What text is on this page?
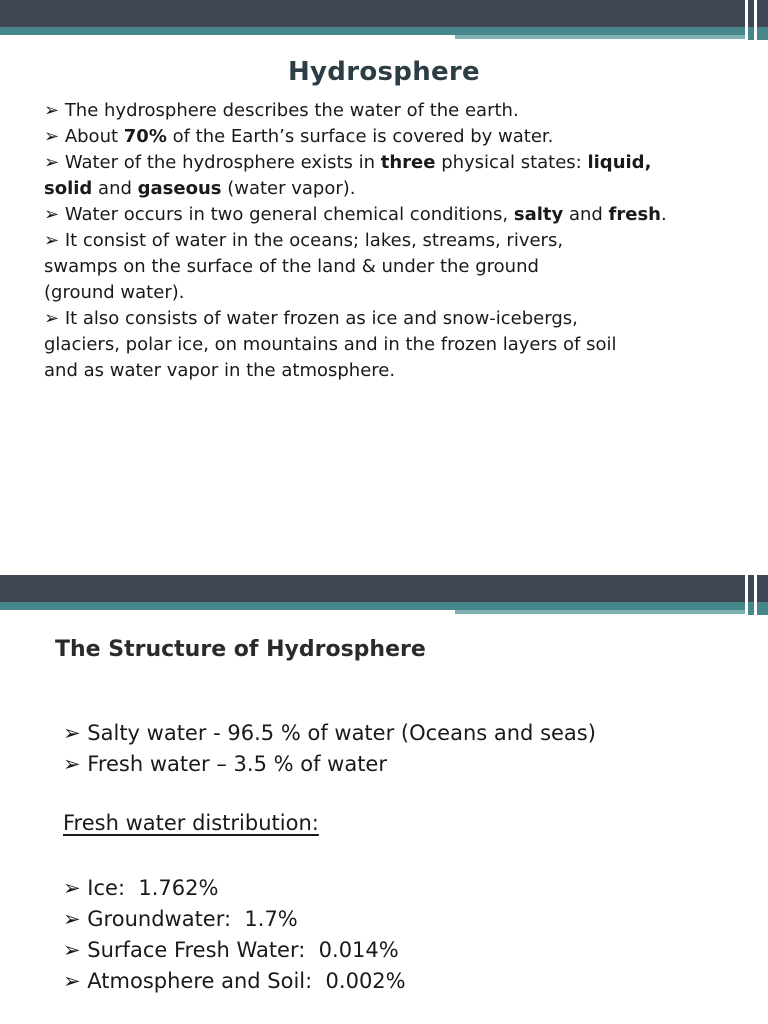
Hydrosphere
➢ The hydrosphere describes the water of the earth.
➢ About 70% of the Earth’s surface is covered by water.
➢ Water of the hydrosphere exists in three physical states: liquid,
solid and gaseous (water vapor).
➢ Water occurs in two general chemical conditions, salty and fresh.
➢ It consist of water in the oceans; lakes, streams, rivers,
swamps on the surface of the land & under the ground
(ground water).
➢ It also consists of water frozen as ice and snow-icebergs,
glaciers, polar ice, on mountains and in the frozen layers of soil
and as water vapor in the atmosphere.
The Structure of Hydrosphere
➢ Salty water - 96.5 % of water (Oceans and seas)
➢ Fresh water – 3.5 % of water
Fresh water distribution:
➢ Ice:  1.762%
➢ Groundwater:  1.7%
➢ Surface Fresh Water:  0.014%
➢ Atmosphere and Soil:  0.002%
